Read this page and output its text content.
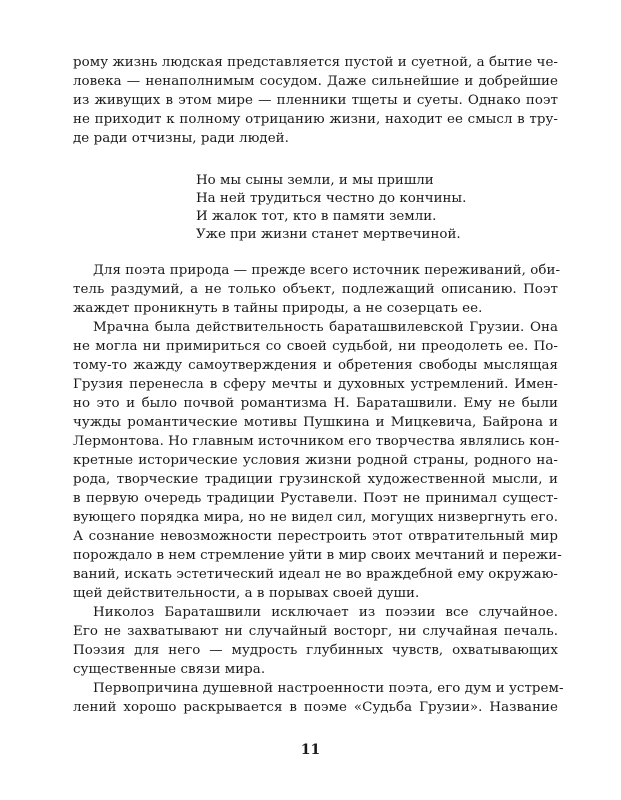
рому жизнь людская представляется пустой и суетной, а бытие че-
ловека — ненаполнимым сосудом. Даже сильнейшие и добрейшие
из живущих в этом мире — пленники тщеты и суеты. Однако поэт
не приходит к полному отрицанию жизни, находит ее смысл в тру-
де ради отчизны, ради людей.
Но мы сыны земли, и мы пришли
На ней трудиться честно до кончины.
И жалок тот, кто в памяти земли.
Уже при жизни станет мертвечиной.
Для поэта природа — прежде всего источник переживаний, оби-
тель раздумий, а не только объект, подлежащий описанию. Поэт
жаждет проникнуть в тайны природы, а не созерцать ее.
Мрачна была действительность бараташвилевской Грузии. Она
не могла ни примириться со своей судьбой, ни преодолеть ее. По-
тому-то жажду самоутверждения и обретения свободы мыслящая
Грузия перенесла в сферу мечты и духовных устремлений. Имен-
но это и было почвой романтизма Н. Бараташвили. Ему не были
чужды романтические мотивы Пушкина и Мицкевича, Байрона и
Лермонтова. Но главным источником его творчества являлись кон-
кретные исторические условия жизни родной страны, родного на-
рода, творческие традиции грузинской художественной мысли, и
в первую очередь традиции Руставели. Поэт не принимал сущест-
вующего порядка мира, но не видел сил, могущих низвергнуть его.
А сознание невозможности перестроить этот отвратительный мир
порождало в нем стремление уйти в мир своих мечтаний и пережи-
ваний, искать эстетический идеал не во враждебной ему окружаю-
щей действительности, а в порывах своей души.
Николоз Бараташвили исключает из поэзии все случайное.
Его не захватывают ни случайный восторг, ни случайная печаль.
Поэзия для него — мудрость глубинных чувств, охватывающих
существенные связи мира.
Первопричина душевной настроенности поэта, его дум и устрем-
лений хорошо раскрывается в поэме «Судьба Грузии». Название
11
